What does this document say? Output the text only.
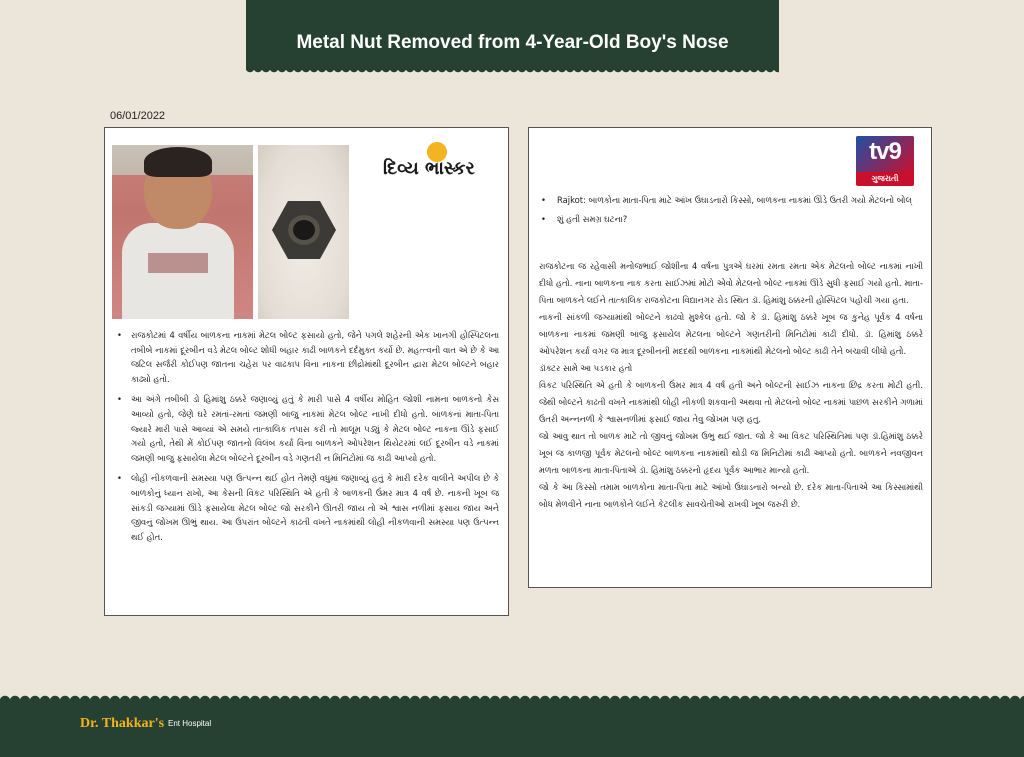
Metal Nut Removed from 4-Year-Old Boy's Nose
06/01/2022
દિવ્ય ભાસ્કર
• રાજકોટમાં 4 વર્ષીય બાળકના નાકમાં મેટલ બોલ્ટ ફસાયો હતો, જેને પગલે શહેરની એક ખાનગી હોસ્પિટલના તબીબે નાકમાં દૂરબીન વડે મેટલ બોલ્ટ શોધી બહાર કાઢી બાળકને દર્દમુક્ત કર્યો છે. મહત્ત્વની વાત એ છે કે આ જટિલ સર્જરી કોઈપણ જાતના ચહેરા પર વાઢકાપ વિના નાકના છીદ્રોમાંથી દૂરબીન દ્વારા મેટલ બોલ્ટને બહાર કાઢ્યો હતો.
• આ અંગે તબીબી ડો હિમાંશુ ઠક્કરે જણાવ્યું હતું કે મારી પાસે 4 વર્ષીય મોહિત જોશી નામના બાળકનો કેસ આવ્યો હતો, જેણે ઘરે રમતાં-રમતાં જમણી બાજુ નાકમાં મેટલ બોલ્ટ નાખી દીધો હતો. બાળકનાં માતા-પિતા જ્યારે મારી પાસે આવ્યાં એ સમયે તાત્કાલિક તપાસ કરી તો માલૂમ પડ્યું કે મેટલ બોલ્ટ નાકના ઊંડે ફસાઈ ગયો હતો, તેથી મેં કોઈપણ જાતનો વિલંબ કર્યા વિના બાળકને ઓપરેશન થિયેટરમાં લઈ દૂરબીન વડે નાકમાં જમણી બાજુ ફસાયેલા મેટલ બોલ્ટને દૂરબીન વડે ગણતરી ન મિનિટોમાં જ કાઢી આપ્યો હતો.
• લોહી નીકળવાની સમસ્યા પણ ઉત્પન્ન થઈ હોત તેમણે વધુમાં જણાવ્યું હતું કે મારી દરેક વાલીને અપીલ છે કે બાળકોનું ધ્યાન રાખો, આ કેસની વિકટ પરિસ્થિતિ એ હતી કે બાળકની ઉંમર માત્ર 4 વર્ષ છે. નાકની ખૂબ જ સાંકડી જગ્યામાં ઊંડે ફસાયેલા મેટલ બોલ્ટ જો સરકીને ઊતરી જાય તો એ શ્વાસ નળીમાં ફસાય જાય અને જીવનું જોખમ ઊભું થાય. આ ઉપરાંત બોલ્ટને કાઢતી વખતે નાકમાંથી લોહી નીકળવાની સમસ્યા પણ ઉત્પન્ન થઈ હોત.
tv9
ગુજરાતી
• Rajkot: બાળકોના માતા-પિતા માટે આંખ ઉઘાડનારો કિસ્સો, બાળકના નાકમાં ઊંડે ઉતરી ગયો મેટલનો બોલ્
• શું હતી સમગ્ર ઘટના?

રાજકોટના જ રહેવાસી મનોજભાઈ જોશીના 4 વર્ષના પુત્રએ ઘરમાં રમતા રમતા એક મેટલનો બોલ્ટ નાકમાં નાખી દીધો હતો. નાના બાળકના નાક કરતા સાઈઝમાં મોટો એવો મેટલનો બોલ્ટ નાકમાં ઊંડે સુધી ફસાઈ ગયો હતો. માતા-પિતા બાળકને લઈને તાત્કાલિક રાજકોટના વિદ્યાનગર રોડ સ્થિત ડૉ. હિમાંશુ ઠક્કરની હોસ્પિટલ પહોંચી ગયા હતા.

નાકની સાંકળી જગ્યામાંથી બોલ્ટને કાઢવો મુશ્કેલ હતો. જો કે ડૉ. હિમાંશુ ઠક્કરે ખૂબ જ કુનેહ પૂર્વક 4 વર્ષના બાળકના નાકમાં જમણી બાજુ ફસાયેલ મેટલના બોલ્ટને ગણતરીની મિનિટોમાં કાઢી દીધો. ડૉ. હિમાંશુ ઠક્કરે ઓપરેશન કર્યા વગર જ માત્ર દૂરબીનની મદદથી બાળકના નાકમાંથી મેટલનો બોલ્ટ કાઢી તેને બચાવી લીધો હતો.

ડૉક્ટર સામે આ પડકાર હતો

વિકટ પરિસ્થિતિ એ હતી કે બાળકની ઉંમર માત્ર 4 વર્ષ હતી અને બોલ્ટની સાઈઝ નાકના છિદ્ર કરતા મોટી હતી. જેથી બોલ્ટને કાઢતી વખતે નાકમાંથી લોહી નીકળી શકવાની અથવા તો મેટલનો બોલ્ટ નાકમાં પાછળ સરકીને ગળામાં ઉતરી અન્નનળી કે શ્વાસનળીમાં ફસાઈ જાય તેવુ જોખમ પણ હતુ.

જો આવુ થાત તો બાળક માટે તો જીવનું જોખમ ઉભુ થઈ જાત. જો કે આ વિકટ પરિસ્થિતિમાં પણ ડૉ.હિમાંશુ ઠક્કરે ખૂબ જ કાળજી પૂર્વક મેટલનો બોલ્ટ બાળકના નાકમાંથી થોડી જ મિનિટોમાં કાઢી આપ્યો હતો. બાળકને નવજીવન મળતા બાળકના માતા-પિતાએ ડૉ. હિમાંશુ ઠક્કરનો હૃદય પૂર્વક આભાર માન્યો હતો.

જો કે આ કિસ્સો તમામ બાળકોના માતા-પિતા માટે આંખો ઉઘાડનારો બન્યો છે. દરેક માતા-પિતાએ આ કિસ્સામાંથી બોધ મેળવીને નાના બાળકોને લઈને કેટલીક સાવચેતીઓ રાખવી ખૂબ જરુરી છે.

Dr. Thakkar's Ent Hospital
